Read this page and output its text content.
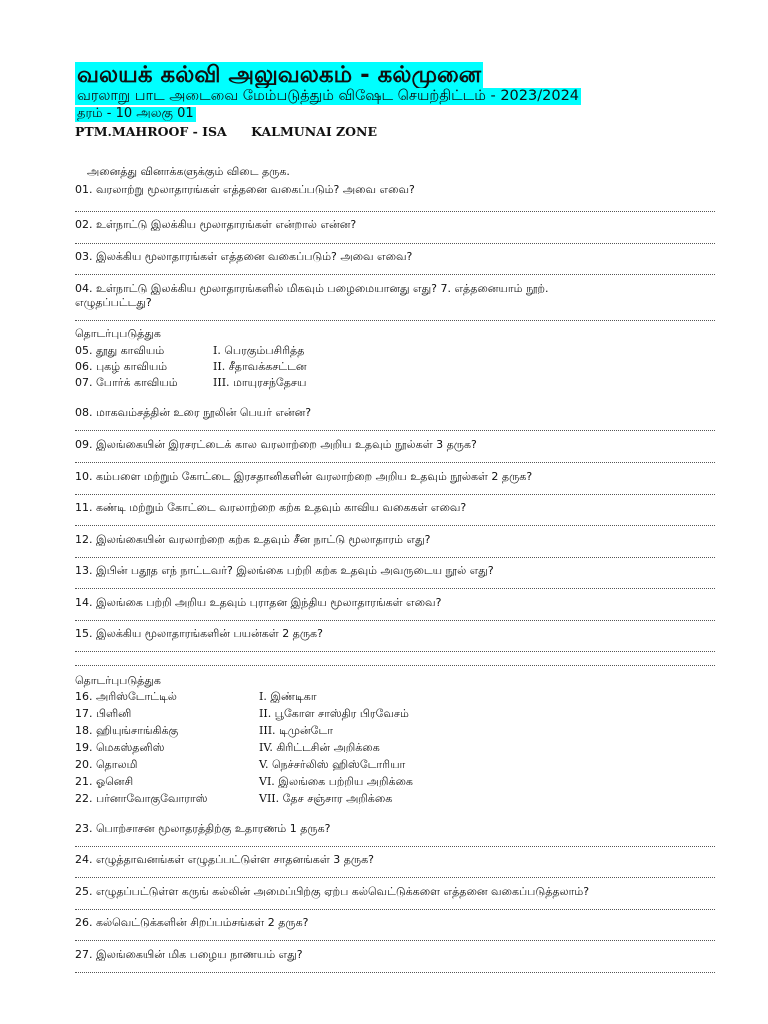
வலயக் கல்வி அலுவலகம் - கல்முனை
வரலாறு பாட அடைவை மேம்படுத்தும் விஷேட செயற்திட்டம் - 2023/2024
தரம் - 10 அலகு 01
PTM.MAHROOF - ISA KALMUNAI ZONE
அனைத்து வினாக்களுக்கும் விடை தருக.
01. வரலாற்று மூலாதாரங்கள் எத்தனை வகைப்படும்? அவை எவை?
02. உள்நாட்டு இலக்கிய மூலாதாரங்கள் என்றால் என்ன?
03. இலக்கிய மூலாதாரங்கள் எத்தனை வகைப்படும்? அவை எவை?
04. உள்நாட்டு இலக்கிய மூலாதாரங்களில் மிகவும் பழைமையானது எது? 7. எத்தனையாம் நூற்.
எழுதப்பட்டது?
தொடர்புபடுத்துக
05. தூது காவியம்	I. பெரகும்பசிரித்த
06. புகழ் காவியம்	II. சீதாவக்கசட்டன
07. போர்க் காவியம்	III. மாயுரசந்தேசய
08. மாகவம்சத்தின் உரை நூலின் பெயர் என்ன?
09. இலங்கையின் இரசரட்டைக் கால வரலாற்றை அறிய உதவும் நூல்கள் 3 தருக?
10. கம்பளை மற்றும் கோட்டை இரசதானிகளின் வரலாற்றை அறிய உதவும் நூல்கள் 2 தருக?
11. கண்டி மற்றும் கோட்டை வரலாற்றை கற்க உதவும் காவிய வகைகள் எவை?
12. இலங்கையின் வரலாற்றை கற்க உதவும் சீன நாட்டு மூலாதாரம் எது?
13. இபின் பதூத எந் நாட்டவர்? இலங்கை பற்றி கற்க உதவும் அவருடைய நூல் எது?
14. இலங்கை பற்றி அறிய உதவும் புராதன இந்திய மூலாதாரங்கள் எவை?
15. இலக்கிய மூலாதாரங்களின் பயன்கள் 2 தருக?
தொடர்புபடுத்துக
16. அரிஸ்டோட்டில்	I. இண்டிகா
17. பிளினி	II. பூகோள சாஸ்திர பிரவேசம்
18. ஹியுங்சாங்கிக்கு	III. டிமுன்டோ
19. மெகஸ்தனிஸ்	IV. கிரிட்டசின் அறிக்கை
20. தொலமி	V. நெச்சர்லிஸ் ஹிஸ்டோரியா
21. ஓனெசி	VI. இலங்கை பற்றிய அறிக்கை
22. பர்னாவோகுவோராஸ்	VII. தேச சஞ்சார அறிக்கை
23. பொற்சாசன மூலாதரத்திற்கு உதாரணம் 1 தருக?
24. எழுத்தாவனங்கள் எழுதப்பட்டுள்ள சாதனங்கள் 3 தருக?
25. எழுதப்பட்டுள்ள கருங் கல்லின் அமைப்பிற்கு ஏற்ப கல்வெட்டுக்களை எத்தனை வகைப்படுத்தலாம்?
26. கல்வெட்டுக்களின் சிறப்பம்சங்கள் 2 தருக?
27. இலங்கையின் மிக பழைய நாணயம் எது?
